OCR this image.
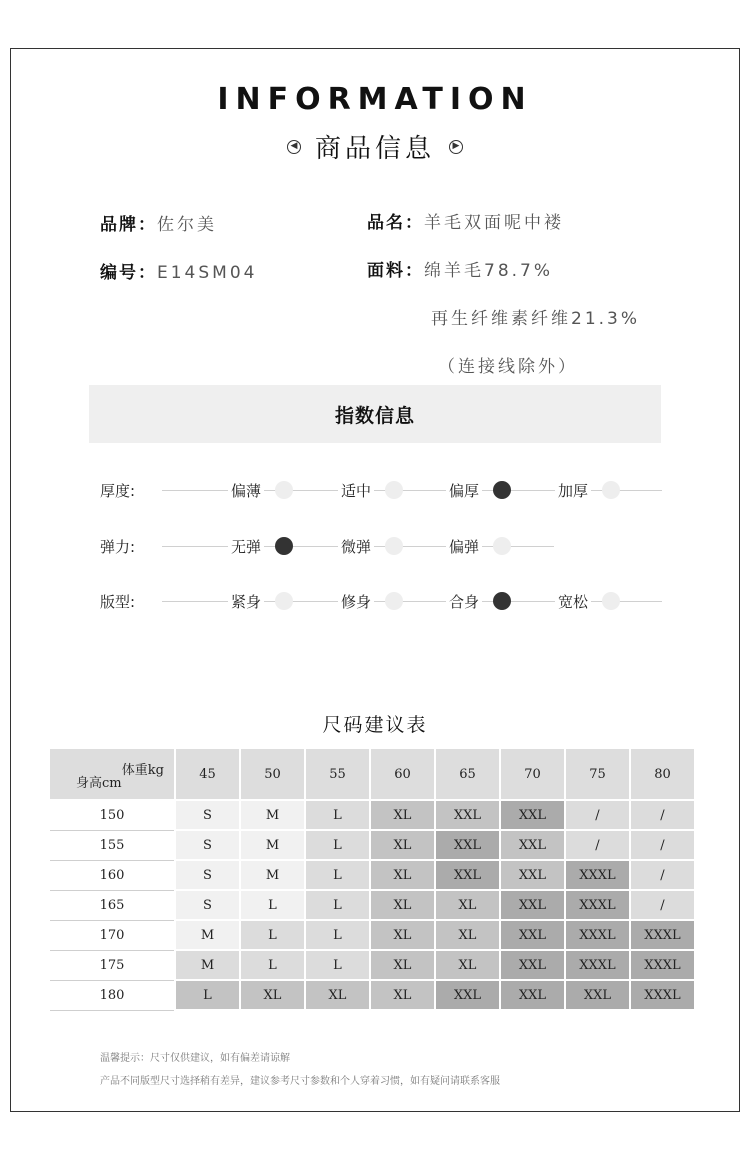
INFORMATION
◀ 商品信息	▶
品牌：佐尔美
编号：E14SM04
品名：羊毛双面呢中褛
面料：绵羊毛78.7%
再生纤维素纤维21.3%
（连接线除外）
指数信息
厚度:	偏薄	适中	偏厚	加厚
弹力:	无弹	微弹	偏弹
版型:	紧身	修身	合身	宽松
尺码建议表
体重kg
身高cm	45	50	55	60	65	70	75	80
150	S	M	L	XL	XXL	XXL	/	/
155	S	M	L	XL	XXL	XXL	/	/
160	S	M	L	XL	XXL	XXL	XXXL	/
165	S	L	L	XL	XL	XXL	XXXL	/
170	M	L	L	XL	XL	XXL	XXXL	XXXL
175	M	L	L	XL	XL	XXL	XXXL	XXXL
180	L	XL	XL	XL	XXL	XXL	XXL	XXXL
温馨提示：尺寸仅供建议，如有偏差请谅解
产品不同版型尺寸选择稍有差异，建议参考尺寸参数和个人穿着习惯，如有疑问请联系客服
